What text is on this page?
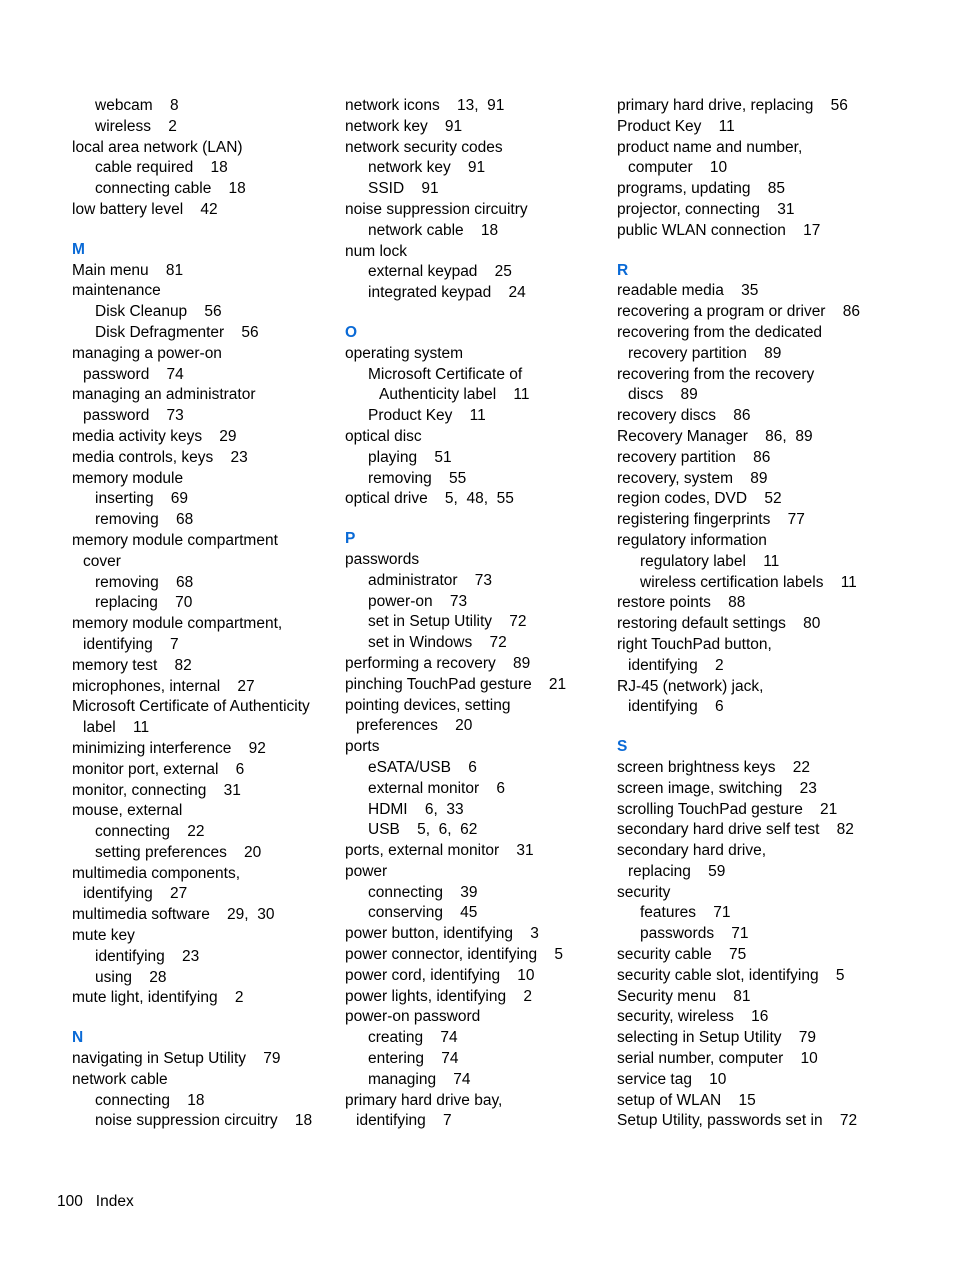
webcam    8
wireless    2
local area network (LAN)
cable required    18
connecting cable    18
low battery level    42
M
Main menu    81
maintenance
Disk Cleanup    56
Disk Defragmenter    56
managing a power-on
password    74
managing an administrator
password    73
media activity keys    29
media controls, keys    23
memory module
inserting    69
removing    68
memory module compartment
cover
removing    68
replacing    70
memory module compartment,
identifying    7
memory test    82
microphones, internal    27
Microsoft Certificate of Authenticity
label    11
minimizing interference    92
monitor port, external    6
monitor, connecting    31
mouse, external
connecting    22
setting preferences    20
multimedia components,
identifying    27
multimedia software    29,  30
mute key
identifying    23
using    28
mute light, identifying    2
N
navigating in Setup Utility    79
network cable
connecting    18
noise suppression circuitry    18
network icons    13,  91
network key    91
network security codes
network key    91
SSID    91
noise suppression circuitry
network cable    18
num lock
external keypad    25
integrated keypad    24
O
operating system
Microsoft Certificate of
Authenticity label    11
Product Key    11
optical disc
playing    51
removing    55
optical drive    5,  48,  55
P
passwords
administrator    73
power-on    73
set in Setup Utility    72
set in Windows    72
performing a recovery    89
pinching TouchPad gesture    21
pointing devices, setting
preferences    20
ports
eSATA/USB    6
external monitor    6
HDMI    6,  33
USB    5,  6,  62
ports, external monitor    31
power
connecting    39
conserving    45
power button, identifying    3
power connector, identifying    5
power cord, identifying    10
power lights, identifying    2
power-on password
creating    74
entering    74
managing    74
primary hard drive bay,
identifying    7
primary hard drive, replacing    56
Product Key    11
product name and number,
computer    10
programs, updating    85
projector, connecting    31
public WLAN connection    17
R
readable media    35
recovering a program or driver    86
recovering from the dedicated
recovery partition    89
recovering from the recovery
discs    89
recovery discs    86
Recovery Manager    86,  89
recovery partition    86
recovery, system    89
region codes, DVD    52
registering fingerprints    77
regulatory information
regulatory label    11
wireless certification labels    11
restore points    88
restoring default settings    80
right TouchPad button,
identifying    2
RJ-45 (network) jack,
identifying    6
S
screen brightness keys    22
screen image, switching    23
scrolling TouchPad gesture    21
secondary hard drive self test    82
secondary hard drive,
replacing    59
security
features    71
passwords    71
security cable    75
security cable slot, identifying    5
Security menu    81
security, wireless    16
selecting in Setup Utility    79
serial number, computer    10
service tag    10
setup of WLAN    15
Setup Utility, passwords set in    72
100 Index
